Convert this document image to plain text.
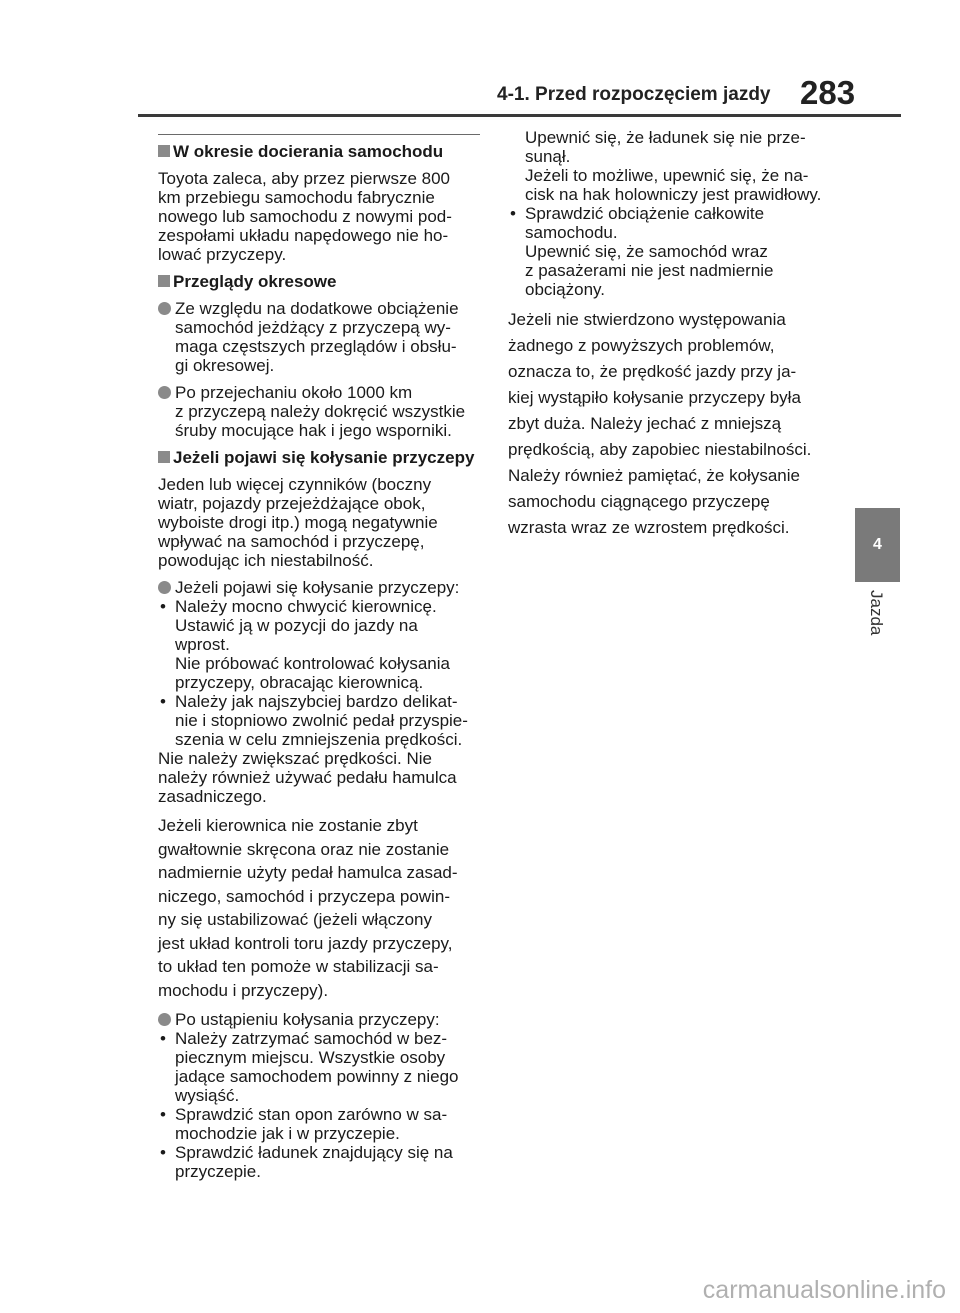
4-1. Przed rozpoczęciem jazdy 283
W okresie docierania samochodu

Toyota zaleca, aby przez pierwsze 800
km przebiegu samochodu fabrycznie
nowego lub samochodu z nowymi pod-
zespołami układu napędowego nie ho-
lować przyczepy.

Przeglądy okresowe
Ze względu na dodatkowe obciążenie
samochód jeżdżący z przyczepą wy-
maga częstszych przeglądów i obsłu-
gi okresowej.
Po przejechaniu około 1000 km
z przyczepą należy dokręcić wszystkie
śruby mocujące hak i jego wsporniki.
Jeżeli pojawi się kołysanie przyczepy

Jeden lub więcej czynników (boczny
wiatr, pojazdy przejeżdżające obok,
wyboiste drogi itp.) mogą negatywnie
wpływać na samochód i przyczepę,
powodując ich niestabilność.

Jeżeli pojawi się kołysanie przyczepy:
• Należy mocno chwycić kierownicę.
Ustawić ją w pozycji do jazdy na
wprost.
Nie próbować kontrolować kołysania
przyczepy, obracając kierownicą.
• Należy jak najszybciej bardzo delikat-
nie i stopniowo zwolnić pedał przyspie-
szenia w celu zmniejszenia prędkości.

Nie należy zwiększać prędkości. Nie
należy również używać pedału hamulca
zasadniczego.

Jeżeli kierownica nie zostanie zbyt
gwałtownie skręcona oraz nie zostanie
nadmiernie użyty pedał hamulca zasad-
niczego, samochód i przyczepa powin-
ny się ustabilizować (jeżeli włączony
jest układ kontroli toru jazdy przyczepy,
to układ ten pomoże w stabilizacji sa-
mochodu i przyczepy).

Po ustąpieniu kołysania przyczepy:
• Należy zatrzymać samochód w bez-
piecznym miejscu. Wszystkie osoby
jadące samochodem powinny z niego
wysiąść.
• Sprawdzić stan opon zarówno w sa-
mochodzie jak i w przyczepie.
• Sprawdzić ładunek znajdujący się na
przyczepie.
Upewnić się, że ładunek się nie prze-
sunął.
Jeżeli to możliwe, upewnić się, że na-
cisk na hak holowniczy jest prawidłowy.
• Sprawdzić obciążenie całkowite
samochodu.
Upewnić się, że samochód wraz
z pasażerami nie jest nadmiernie
obciążony.

Jeżeli nie stwierdzono występowania
żadnego z powyższych problemów,
oznacza to, że prędkość jazdy przy ja-
kiej wystąpiło kołysanie przyczepy była
zbyt duża. Należy jechać z mniejszą
prędkością, aby zapobiec niestabilności.
Należy również pamiętać, że kołysanie
samochodu ciągnącego przyczepę
wzrasta wraz ze wzrostem prędkości.

4
Jazda
carmanualsonline.info
